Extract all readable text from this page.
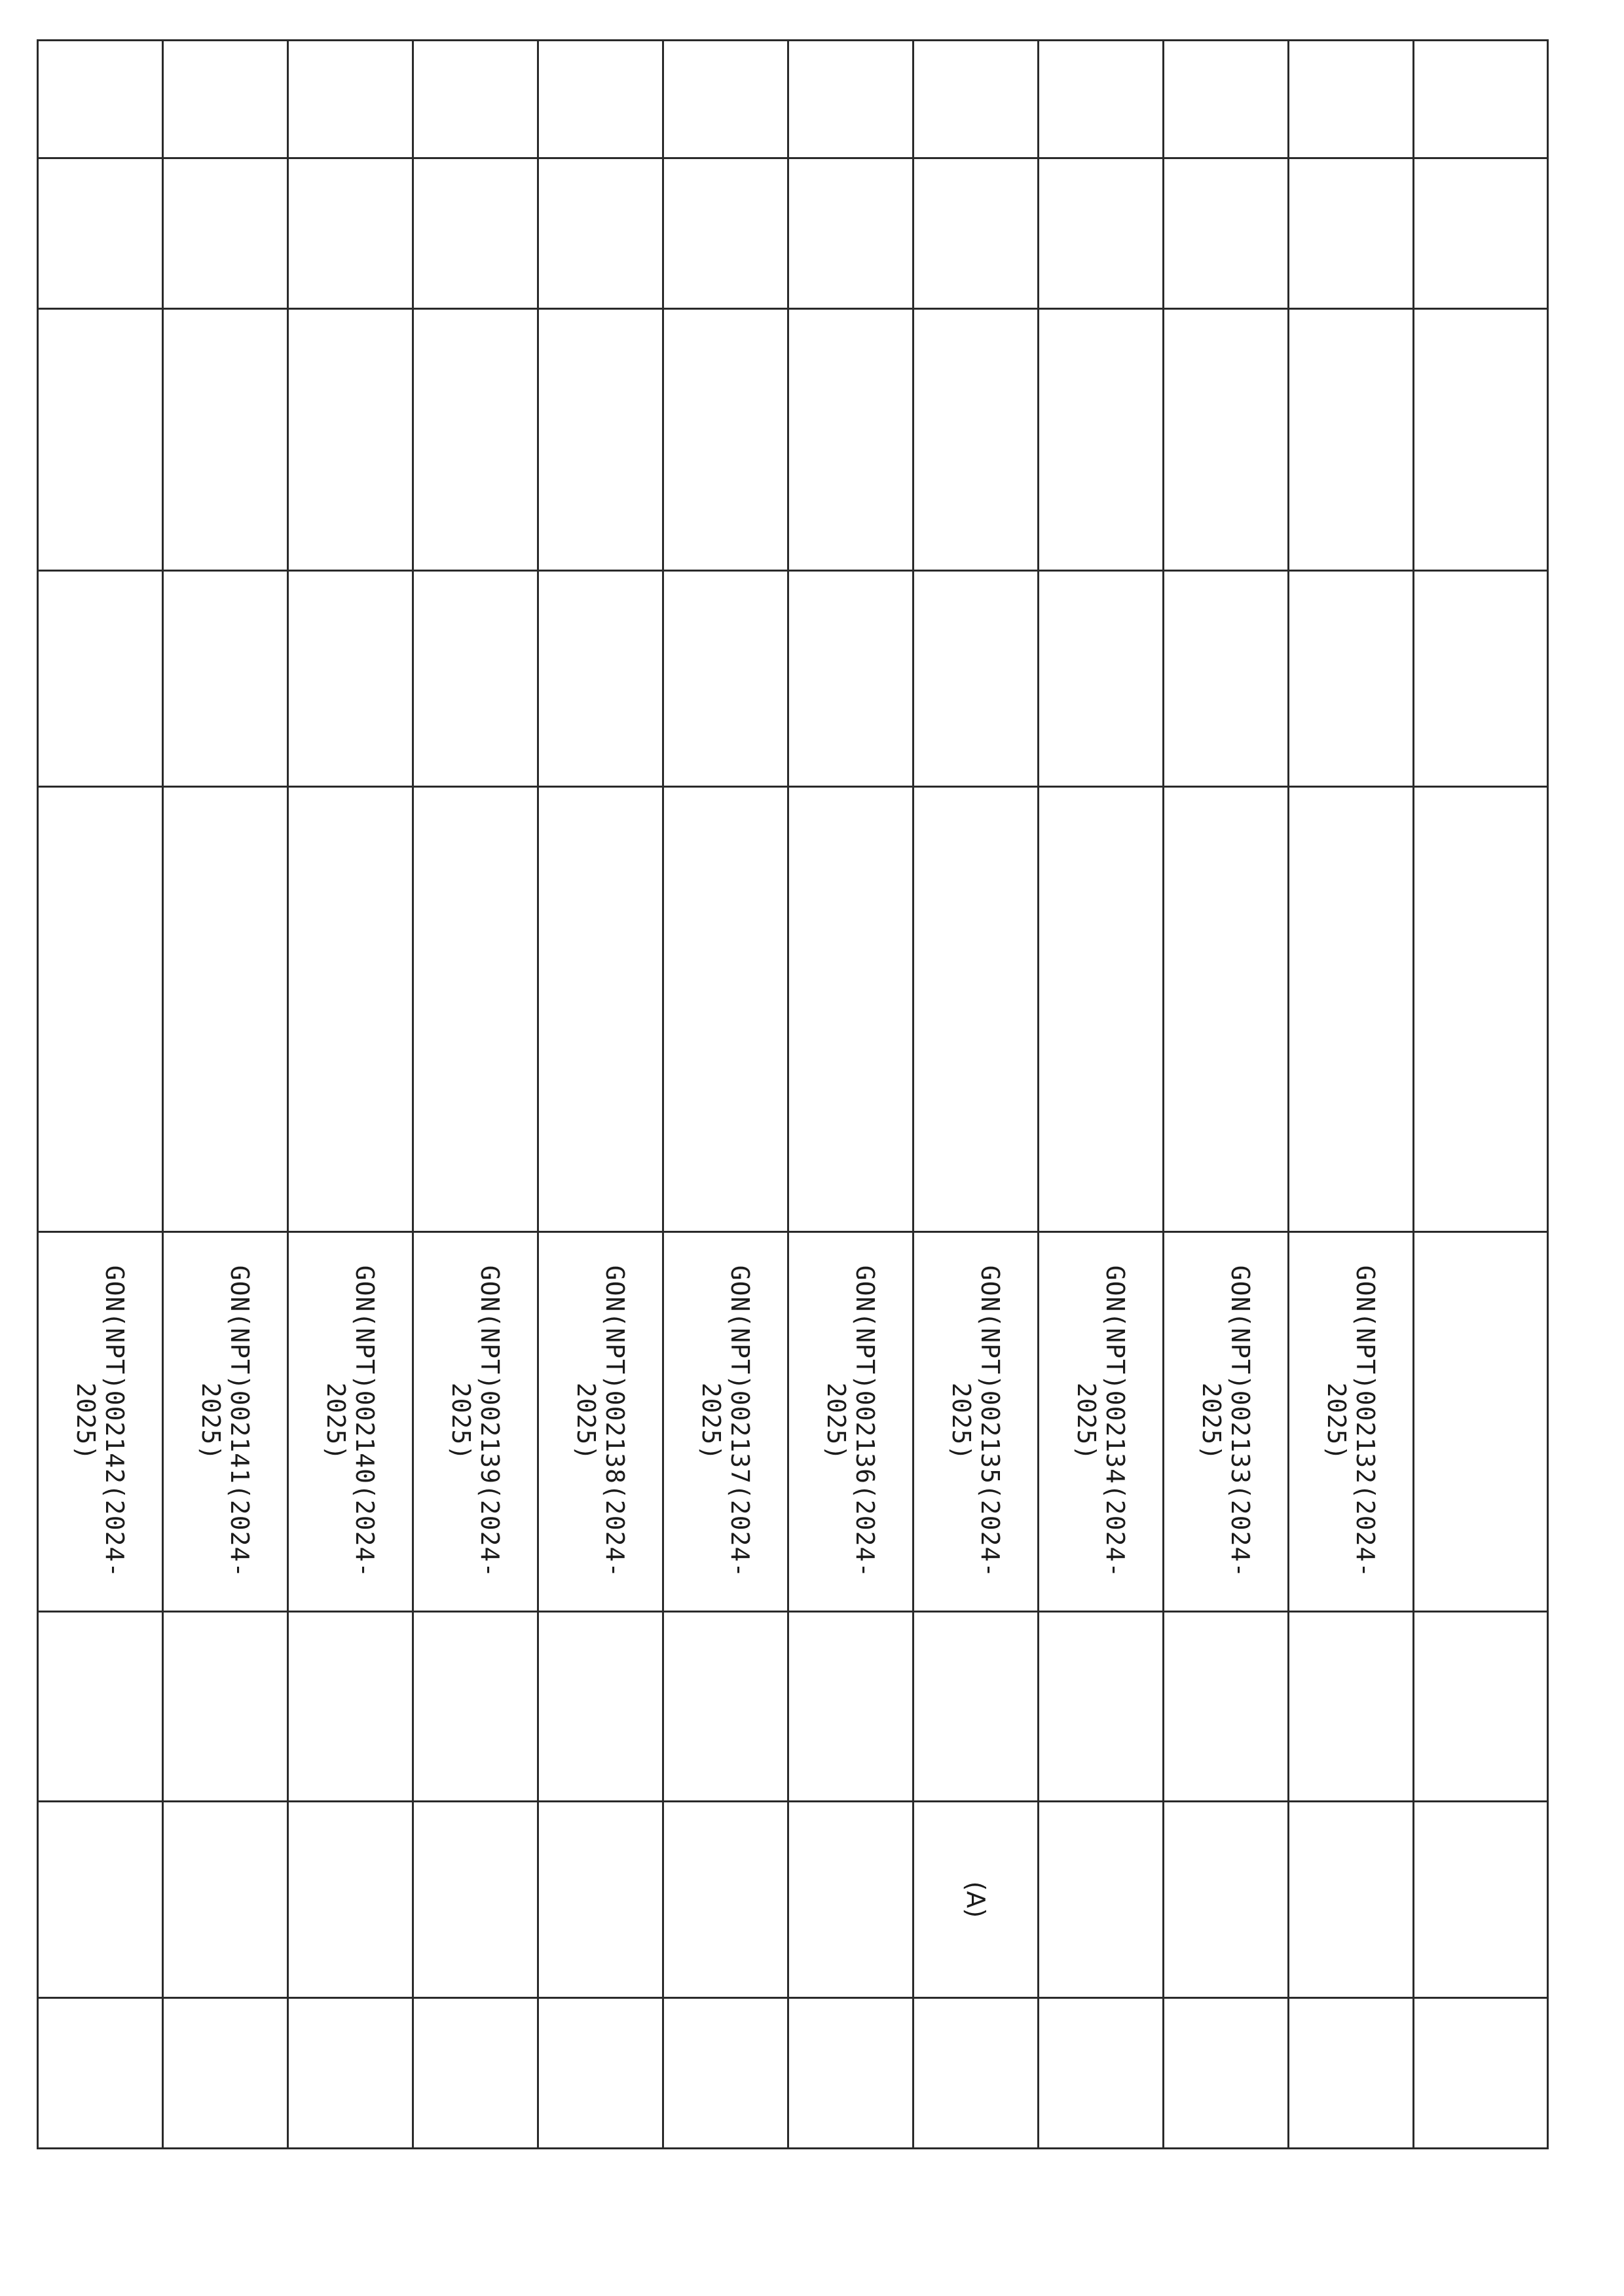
					GON(NPT)002132(2024-2025)			
					GON(NPT)002133(2024-2025)			
					GON(NPT)002134(2024-2025)			
					GON(NPT)002135(2024-2025)		(A)	
					GON(NPT)002136(2024-2025)			
					GON(NPT)002137(2024-2025)			
					GON(NPT)002138(2024-2025)			
					GON(NPT)002139(2024-2025)			
					GON(NPT)002140(2024-2025)			
					GON(NPT)002141(2024-2025)			
					GON(NPT)002142(2024-2025)			
